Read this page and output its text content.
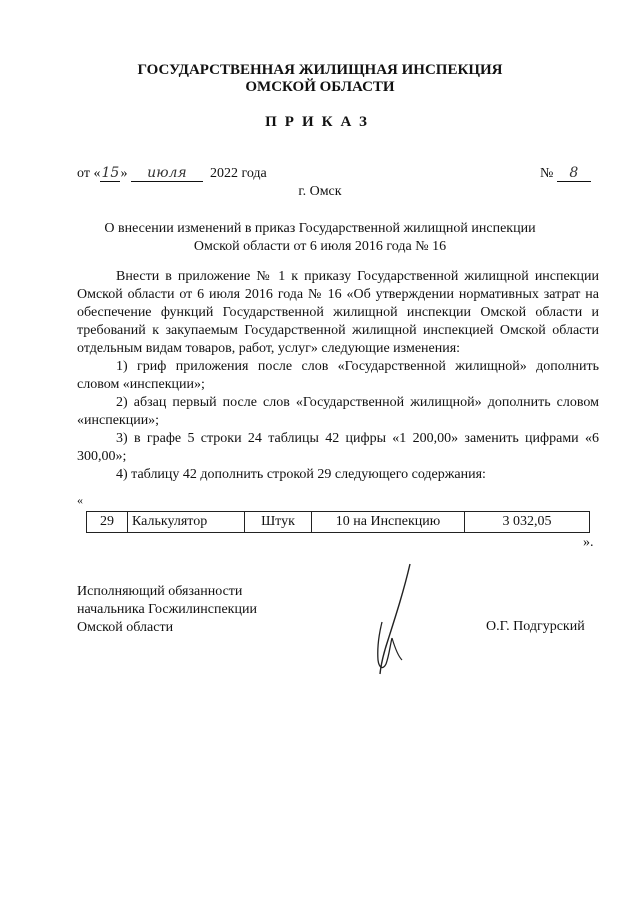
ГОСУДАРСТВЕННАЯ ЖИЛИЩНАЯ ИНСПЕКЦИЯ
ОМСКОЙ ОБЛАСТИ
ПРИКАЗ
от «15» июля 2022 года	№ 8
г. Омск
О внесении изменений в приказ Государственной жилищной инспекции
Омской области от 6 июля 2016 года № 16

Внести в приложение № 1 к приказу Государственной жилищной инспекции Омской области от 6 июля 2016 года № 16 «Об утверждении нормативных затрат на обеспечение функций Государственной жилищной инспекции Омской области и требований к закупаемым Государственной жилищной инспекцией Омской области отдельным видам товаров, работ, услуг» следующие изменения:

1) гриф приложения после слов «Государственной жилищной» дополнить словом «инспекции»;

2) абзац первый после слов «Государственной жилищной» дополнить словом «инспекции»;

3) в графе 5 строки 24 таблицы 42 цифры «1 200,00» заменить цифрами «6 300,00»;

4) таблицу 42 дополнить строкой 29 следующего содержания:

«
29	Калькулятор	Штук	10 на Инспекцию	3 032,05
».
Исполняющий обязанности
начальника Госжилинспекции
Омской области	О.Г. Подгурский
